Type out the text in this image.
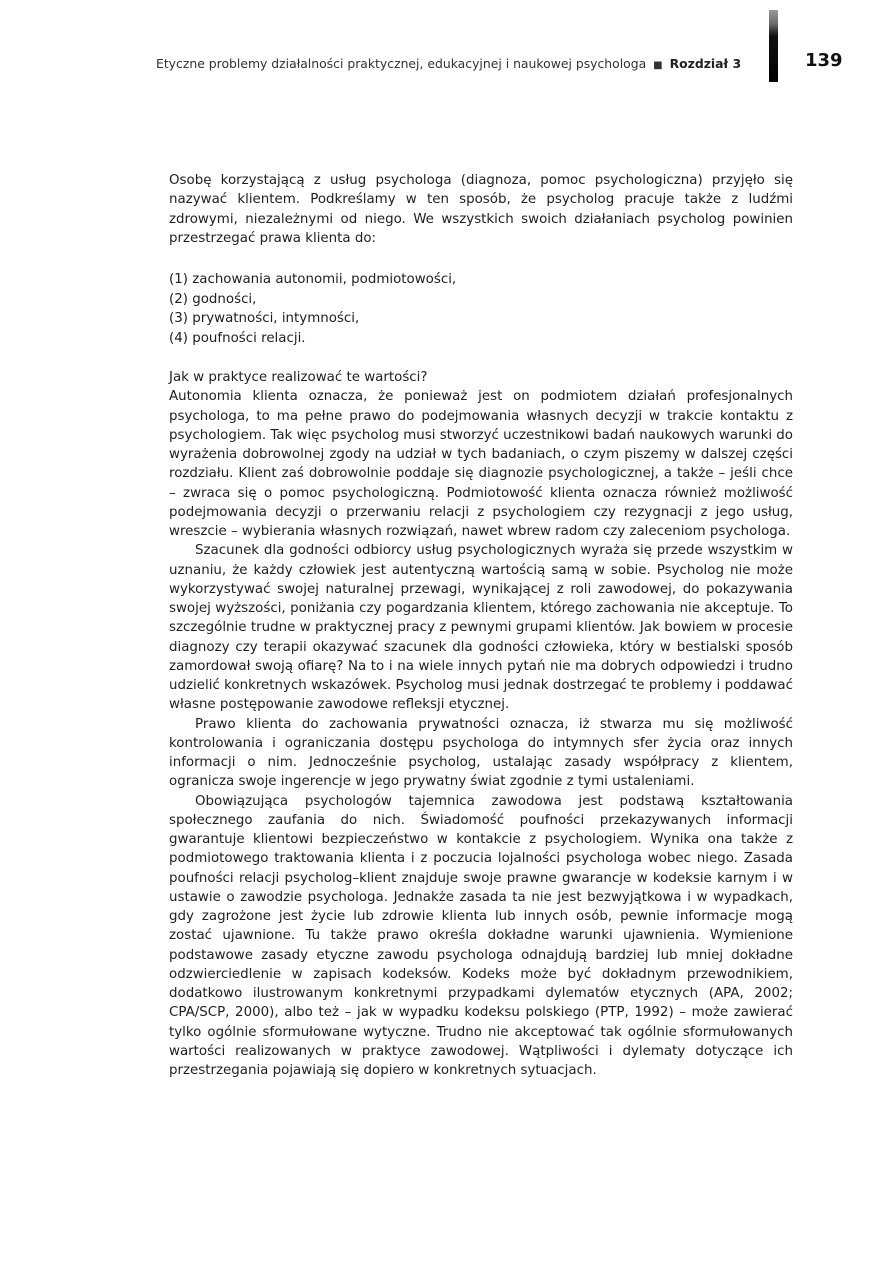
Etyczne problemy działalności praktycznej, edukacyjnej i naukowej psychologa ■ Rozdział 3	139

Osobę korzystającą z usług psychologa (diagnoza, pomoc psychologiczna) przyjęło się nazywać klientem. Podkreślamy w ten sposób, że psycholog pracuje także z ludźmi zdrowymi, niezależnymi od niego. We wszystkich swoich działaniach psycholog powinien przestrzegać prawa klienta do:

(1) zachowania autonomii, podmiotowości,
(2) godności,
(3) prywatności, intymności,
(4) poufności relacji.

Jak w praktyce realizować te wartości?

Autonomia klienta oznacza, że ponieważ jest on podmiotem działań profesjonalnych psychologa, to ma pełne prawo do podejmowania własnych decyzji w trakcie kontaktu z psychologiem. Tak więc psycholog musi stworzyć uczestnikowi badań naukowych warunki do wyrażenia dobrowolnej zgody na udział w tych badaniach, o czym piszemy w dalszej części rozdziału. Klient zaś dobrowolnie poddaje się diagnozie psychologicznej, a także – jeśli chce – zwraca się o pomoc psychologiczną. Podmiotowość klienta oznacza również możliwość podejmowania decyzji o przerwaniu relacji z psychologiem czy rezygnacji z jego usług, wreszcie – wybierania własnych rozwiązań, nawet wbrew radom czy zaleceniom psychologa.

Szacunek dla godności odbiorcy usług psychologicznych wyraża się przede wszystkim w uznaniu, że każdy człowiek jest autentyczną wartością samą w sobie. Psycholog nie może wykorzystywać swojej naturalnej przewagi, wynikającej z roli zawodowej, do pokazywania swojej wyższości, poniżania czy pogardzania klientem, którego zachowania nie akceptuje. To szczególnie trudne w praktycznej pracy z pewnymi grupami klientów. Jak bowiem w procesie diagnozy czy terapii okazywać szacunek dla godności człowieka, który w bestialski sposób zamordował swoją ofiarę? Na to i na wiele innych pytań nie ma dobrych odpowiedzi i trudno udzielić konkretnych wskazówek. Psycholog musi jednak dostrzegać te problemy i poddawać własne postępowanie zawodowe refleksji etycznej.

Prawo klienta do zachowania prywatności oznacza, iż stwarza mu się możliwość kontrolowania i ograniczania dostępu psychologa do intymnych sfer życia oraz innych informacji o nim. Jednocześnie psycholog, ustalając zasady współpracy z klientem, ogranicza swoje ingerencje w jego prywatny świat zgodnie z tymi ustaleniami.

Obowiązująca psychologów tajemnica zawodowa jest podstawą kształtowania społecznego zaufania do nich. Świadomość poufności przekazywanych informacji gwarantuje klientowi bezpieczeństwo w kontakcie z psychologiem. Wynika ona także z podmiotowego traktowania klienta i z poczucia lojalności psychologa wobec niego. Zasada poufności relacji psycholog–klient znajduje swoje prawne gwarancje w kodeksie karnym i w ustawie o zawodzie psychologa. Jednakże zasada ta nie jest bezwyjątkowa i w wypadkach, gdy zagrożone jest życie lub zdrowie klienta lub innych osób, pewnie informacje mogą zostać ujawnione. Tu także prawo określa dokładne warunki ujawnienia. Wymienione podstawowe zasady etyczne zawodu psychologa odnajdują bardziej lub mniej dokładne odzwierciedlenie w zapisach kodeksów. Kodeks może być dokładnym przewodnikiem, dodatkowo ilustrowanym konkretnymi przypadkami dylematów etycznych (APA, 2002; CPA/SCP, 2000), albo też – jak w wypadku kodeksu polskiego (PTP, 1992) – może zawierać tylko ogólnie sformułowane wytyczne. Trudno nie akceptować tak ogólnie sformułowanych wartości realizowanych w praktyce zawodowej. Wątpliwości i dylematy dotyczące ich przestrzegania pojawiają się dopiero w konkretnych sytuacjach.
